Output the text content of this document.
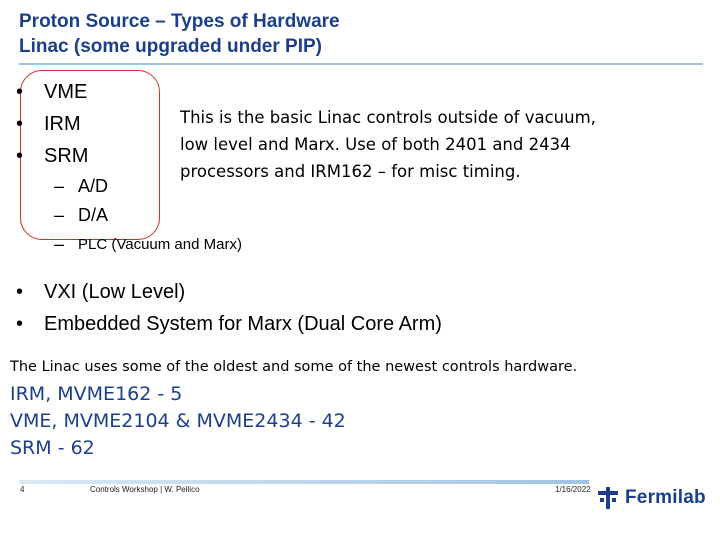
Proton Source – Types of Hardware
Linac (some upgraded under PIP)
•	VME
•	IRM
•	SRM
– A/D
– D/A
– PLC (Vacuum and Marx)
This is the basic Linac controls outside of vacuum,
low level and Marx. Use of both 2401 and 2434
processors and IRM162 – for misc timing.
•	VXI (Low Level)
•	Embedded System for Marx (Dual Core Arm)
The Linac uses some of the oldest and some of the newest controls hardware.
IRM, MVME162 - 5
VME, MVME2104 & MVME2434 - 42
SRM - 62
4	Controls Workshop | W. Pellico	1/16/2022 Fermilab
